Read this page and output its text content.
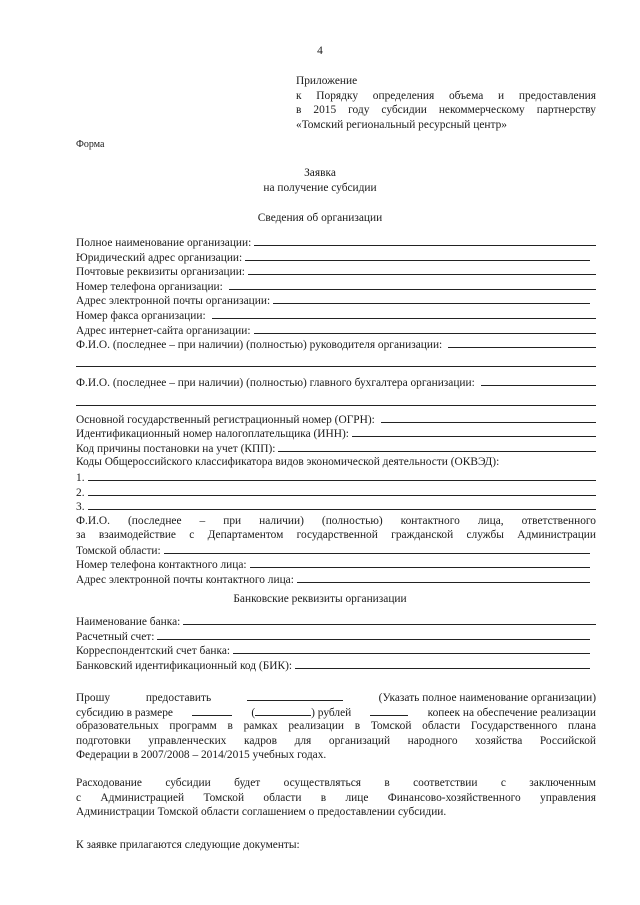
4
Приложение
к Порядку определения объема и предоставления
в 2015 году субсидии некоммерческому партнерству
«Томский региональный ресурсный центр»
Форма
Заявка
на получение субсидии
Сведения об организации
Полное наименование организации:
Юридический адрес организации:
Почтовые реквизиты организации:
Номер телефона организации:
Адрес электронной почты организации:
Номер факса организации:
Адрес интернет-сайта организации:
Ф.И.О. (последнее – при наличии) (полностью) руководителя организации:
Ф.И.О. (последнее – при наличии) (полностью) главного бухгалтера организации:
Основной государственный регистрационный номер (ОГРН):
Идентификационный номер налогоплательщика (ИНН):
Код причины постановки на учет (КПП):
Коды Общероссийского классификатора видов экономической деятельности (ОКВЭД):
1.
2.
3.
Ф.И.О. (последнее – при наличии) (полностью) контактного лица, ответственного
за взаимодействие с Департаментом государственной гражданской службы Администрации
Томской области:
Номер телефона контактного лица:
Адрес электронной почты контактного лица:
Банковские реквизиты организации
Наименование банка:
Расчетный счет:
Корреспондентский счет банка:
Банковский идентификационный код (БИК):
Прошу	предоставить	(Указать полное наименование организации)
субсидию в размере	(	) рублей	копеек на обеспечение реализации
образовательных программ в рамках реализации в Томской области Государственного плана
подготовки управленческих кадров для организаций народного хозяйства Российской
Федерации в 2007/2008 – 2014/2015 учебных годах.
Расходование субсидии будет осуществляться в соответствии с заключенным
с Администрацией Томской области в лице Финансово-хозяйственного управления
Администрации Томской области соглашением о предоставлении субсидии.
К заявке прилагаются следующие документы:
